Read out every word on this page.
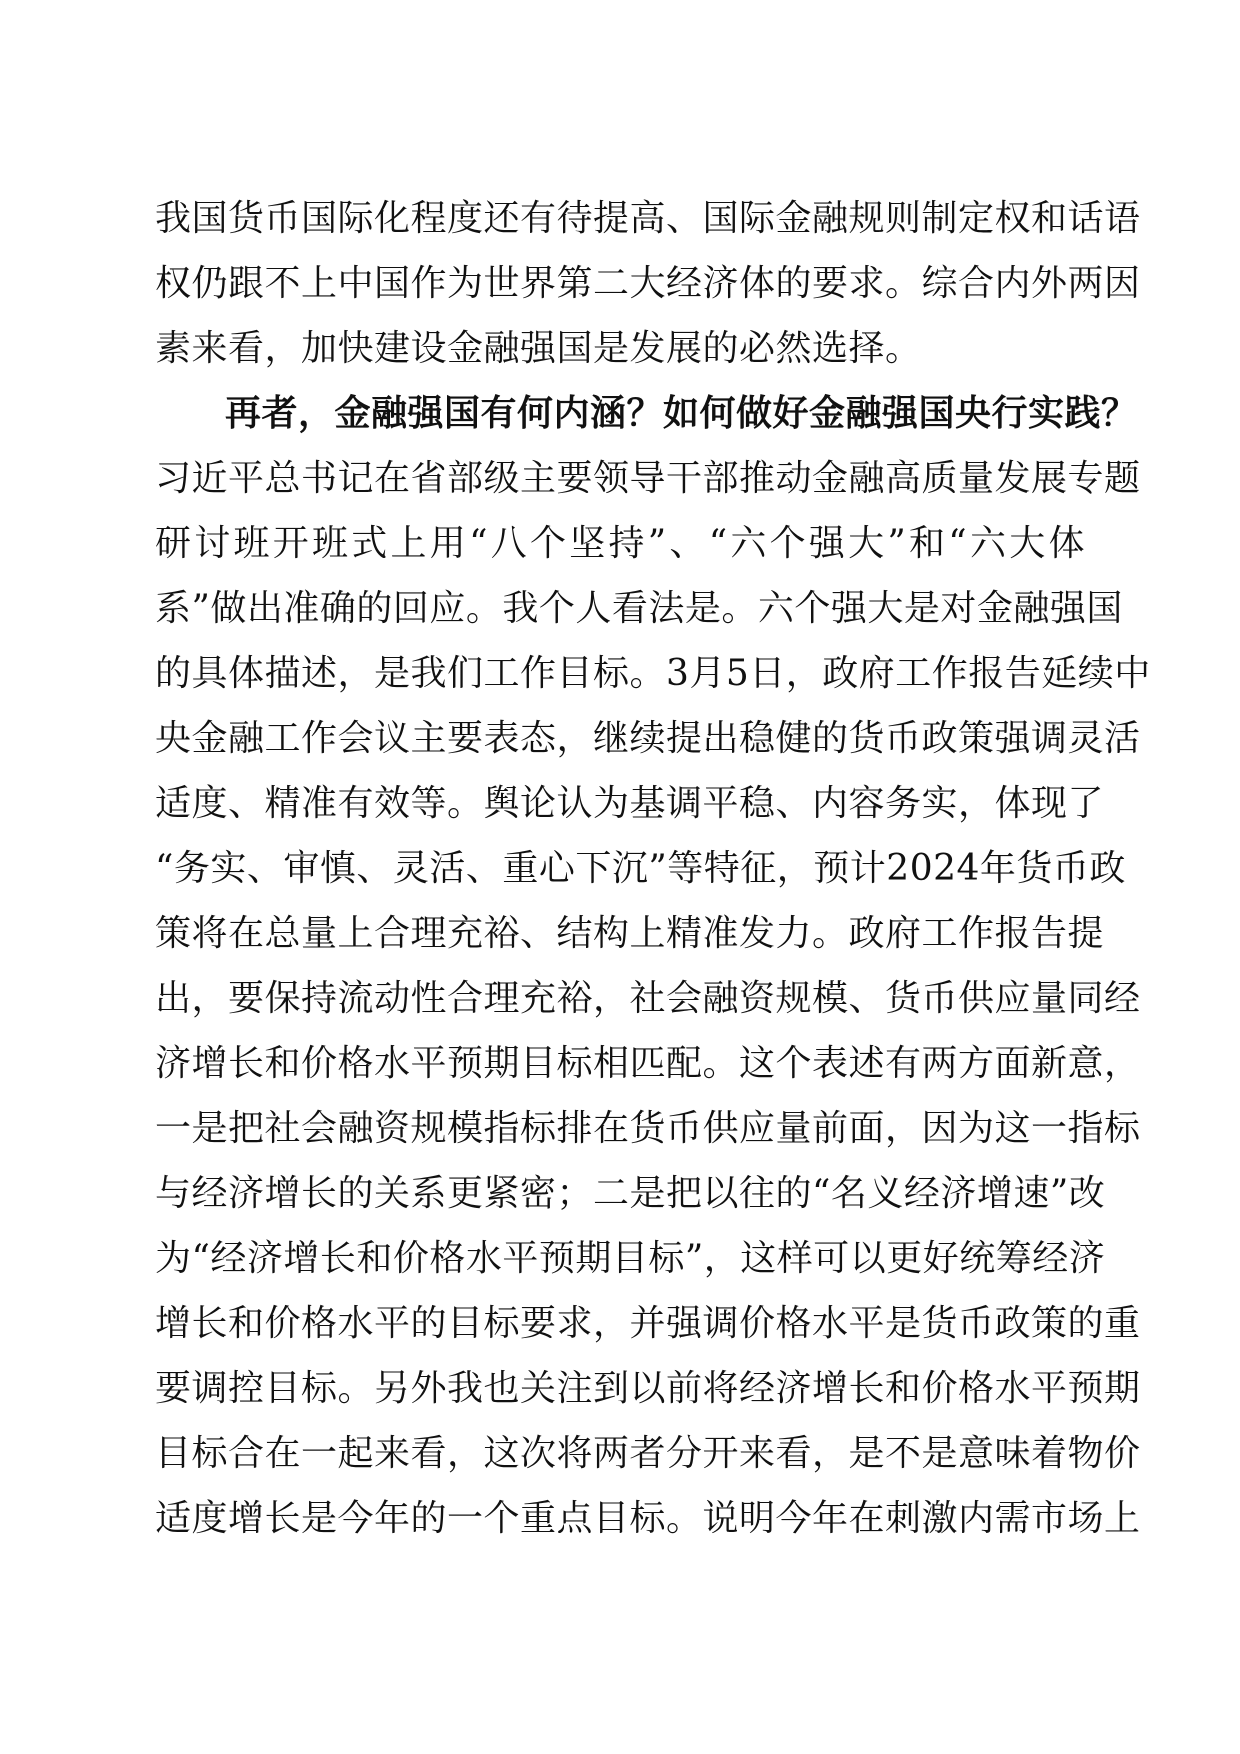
我国货币国际化程度还有待提高、国际金融规则制定权和话语
权仍跟不上中国作为世界第二大经济体的要求。综合内外两因
素来看，加快建设金融强国是发展的必然选择。
再者，金融强国有何内涵？如何做好金融强国央行实践？
习近平总书记在省部级主要领导干部推动金融高质量发展专题
研讨班开班式上用“八个坚持”、“六个强大”和“六大体
系”做出准确的回应。我个人看法是。六个强大是对金融强国
的具体描述，是我们工作目标。3月5日，政府工作报告延续中
央金融工作会议主要表态，继续提出稳健的货币政策强调灵活
适度、精准有效等。舆论认为基调平稳、内容务实，体现了
“务实、审慎、灵活、重心下沉”等特征，预计2024年货币政
策将在总量上合理充裕、结构上精准发力。政府工作报告提
出，要保持流动性合理充裕，社会融资规模、货币供应量同经
济增长和价格水平预期目标相匹配。这个表述有两方面新意，
一是把社会融资规模指标排在货币供应量前面，因为这一指标
与经济增长的关系更紧密；二是把以往的“名义经济增速”改
为“经济增长和价格水平预期目标”，这样可以更好统筹经济
增长和价格水平的目标要求，并强调价格水平是货币政策的重
要调控目标。另外我也关注到以前将经济增长和价格水平预期
目标合在一起来看，这次将两者分开来看，是不是意味着物价
适度增长是今年的一个重点目标。说明今年在刺激内需市场上
